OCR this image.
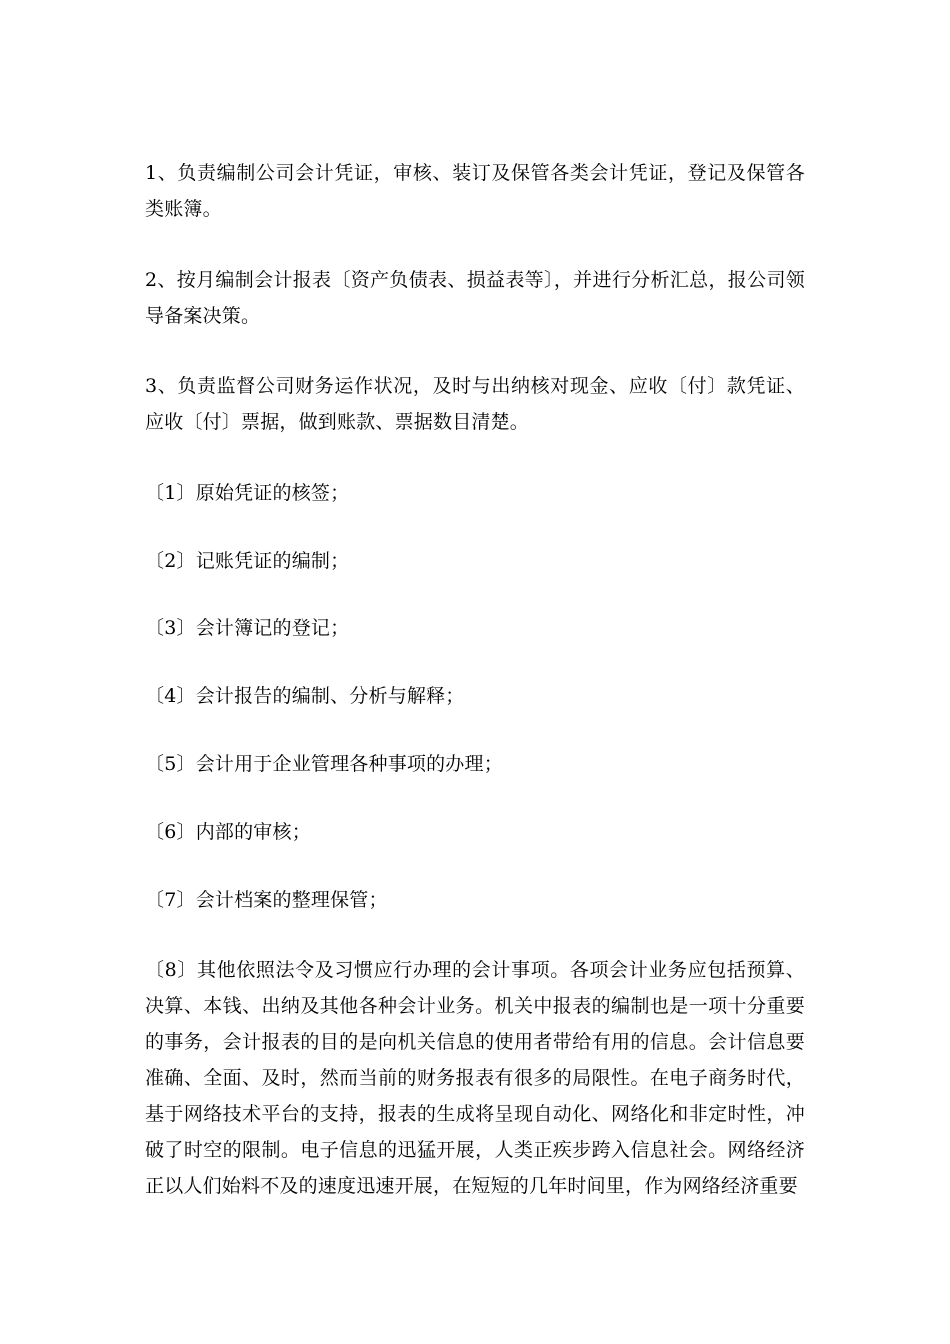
1、负责编制公司会计凭证，审核、装订及保管各类会计凭证，登记及保管各类账簿。

2、按月编制会计报表〔资产负债表、损益表等〕，并进行分析汇总，报公司领导备案决策。

3、负责监督公司财务运作状况，及时与出纳核对现金、应收〔付〕款凭证、应收〔付〕票据，做到账款、票据数目清楚。

〔1〕原始凭证的核签；

〔2〕记账凭证的编制；

〔3〕会计簿记的登记；

〔4〕会计报告的编制、分析与解释；

〔5〕会计用于企业管理各种事项的办理；

〔6〕内部的审核；

〔7〕会计档案的整理保管；

〔8〕其他依照法令及习惯应行办理的会计事项。各项会计业务应包括预算、决算、本钱、出纳及其他各种会计业务。机关中报表的编制也是一项十分重要的事务，会计报表的目的是向机关信息的使用者带给有用的信息。会计信息要准确、全面、及时，然而当前的财务报表有很多的局限性。在电子商务时代，基于网络技术平台的支持，报表的生成将呈现自动化、网络化和非定时性，冲破了时空的限制。电子信息的迅猛开展，人类正疾步跨入信息社会。网络经济正以人们始料不及的速度迅速开展，在短短的几年时间里，作为网络经济重要
